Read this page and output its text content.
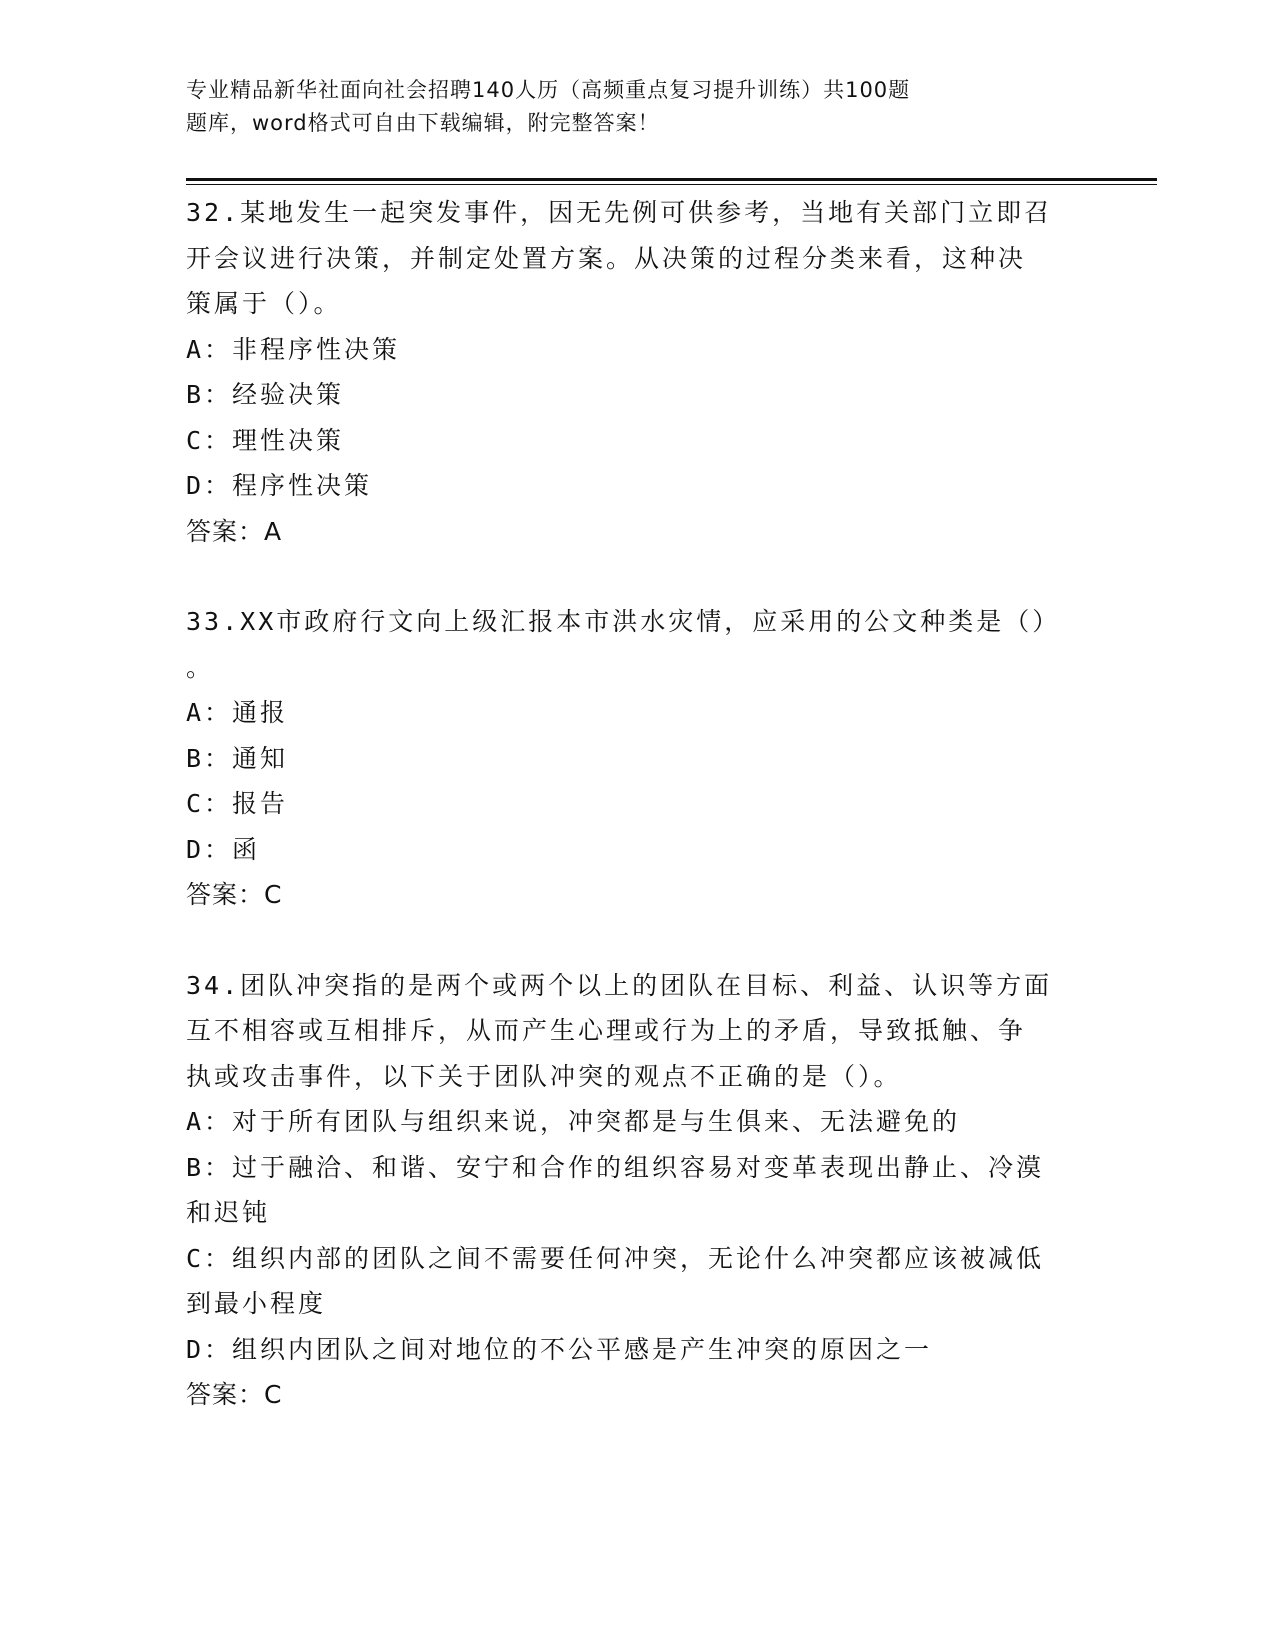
专业精品新华社面向社会招聘140人历（高频重点复习提升训练）共100题
题库，word格式可自由下载编辑，附完整答案！

32.某地发生一起突发事件，因无先例可供参考，当地有关部门立即召

开会议进行决策，并制定处置方案。从决策的过程分类来看，这种决

策属于（）。

A：非程序性决策

B：经验决策

C：理性决策

D：程序性决策

答案：A

33.XX市政府行文向上级汇报本市洪水灾情，应采用的公文种类是（）

。

A：通报

B：通知

C：报告

D：函

答案：C

34.团队冲突指的是两个或两个以上的团队在目标、利益、认识等方面

互不相容或互相排斥，从而产生心理或行为上的矛盾，导致抵触、争

执或攻击事件，以下关于团队冲突的观点不正确的是（）。

A：对于所有团队与组织来说，冲突都是与生俱来、无法避免的

B：过于融洽、和谐、安宁和合作的组织容易对变革表现出静止、冷漠

和迟钝

C：组织内部的团队之间不需要任何冲突，无论什么冲突都应该被减低

到最小程度

D：组织内团队之间对地位的不公平感是产生冲突的原因之一

答案：C
